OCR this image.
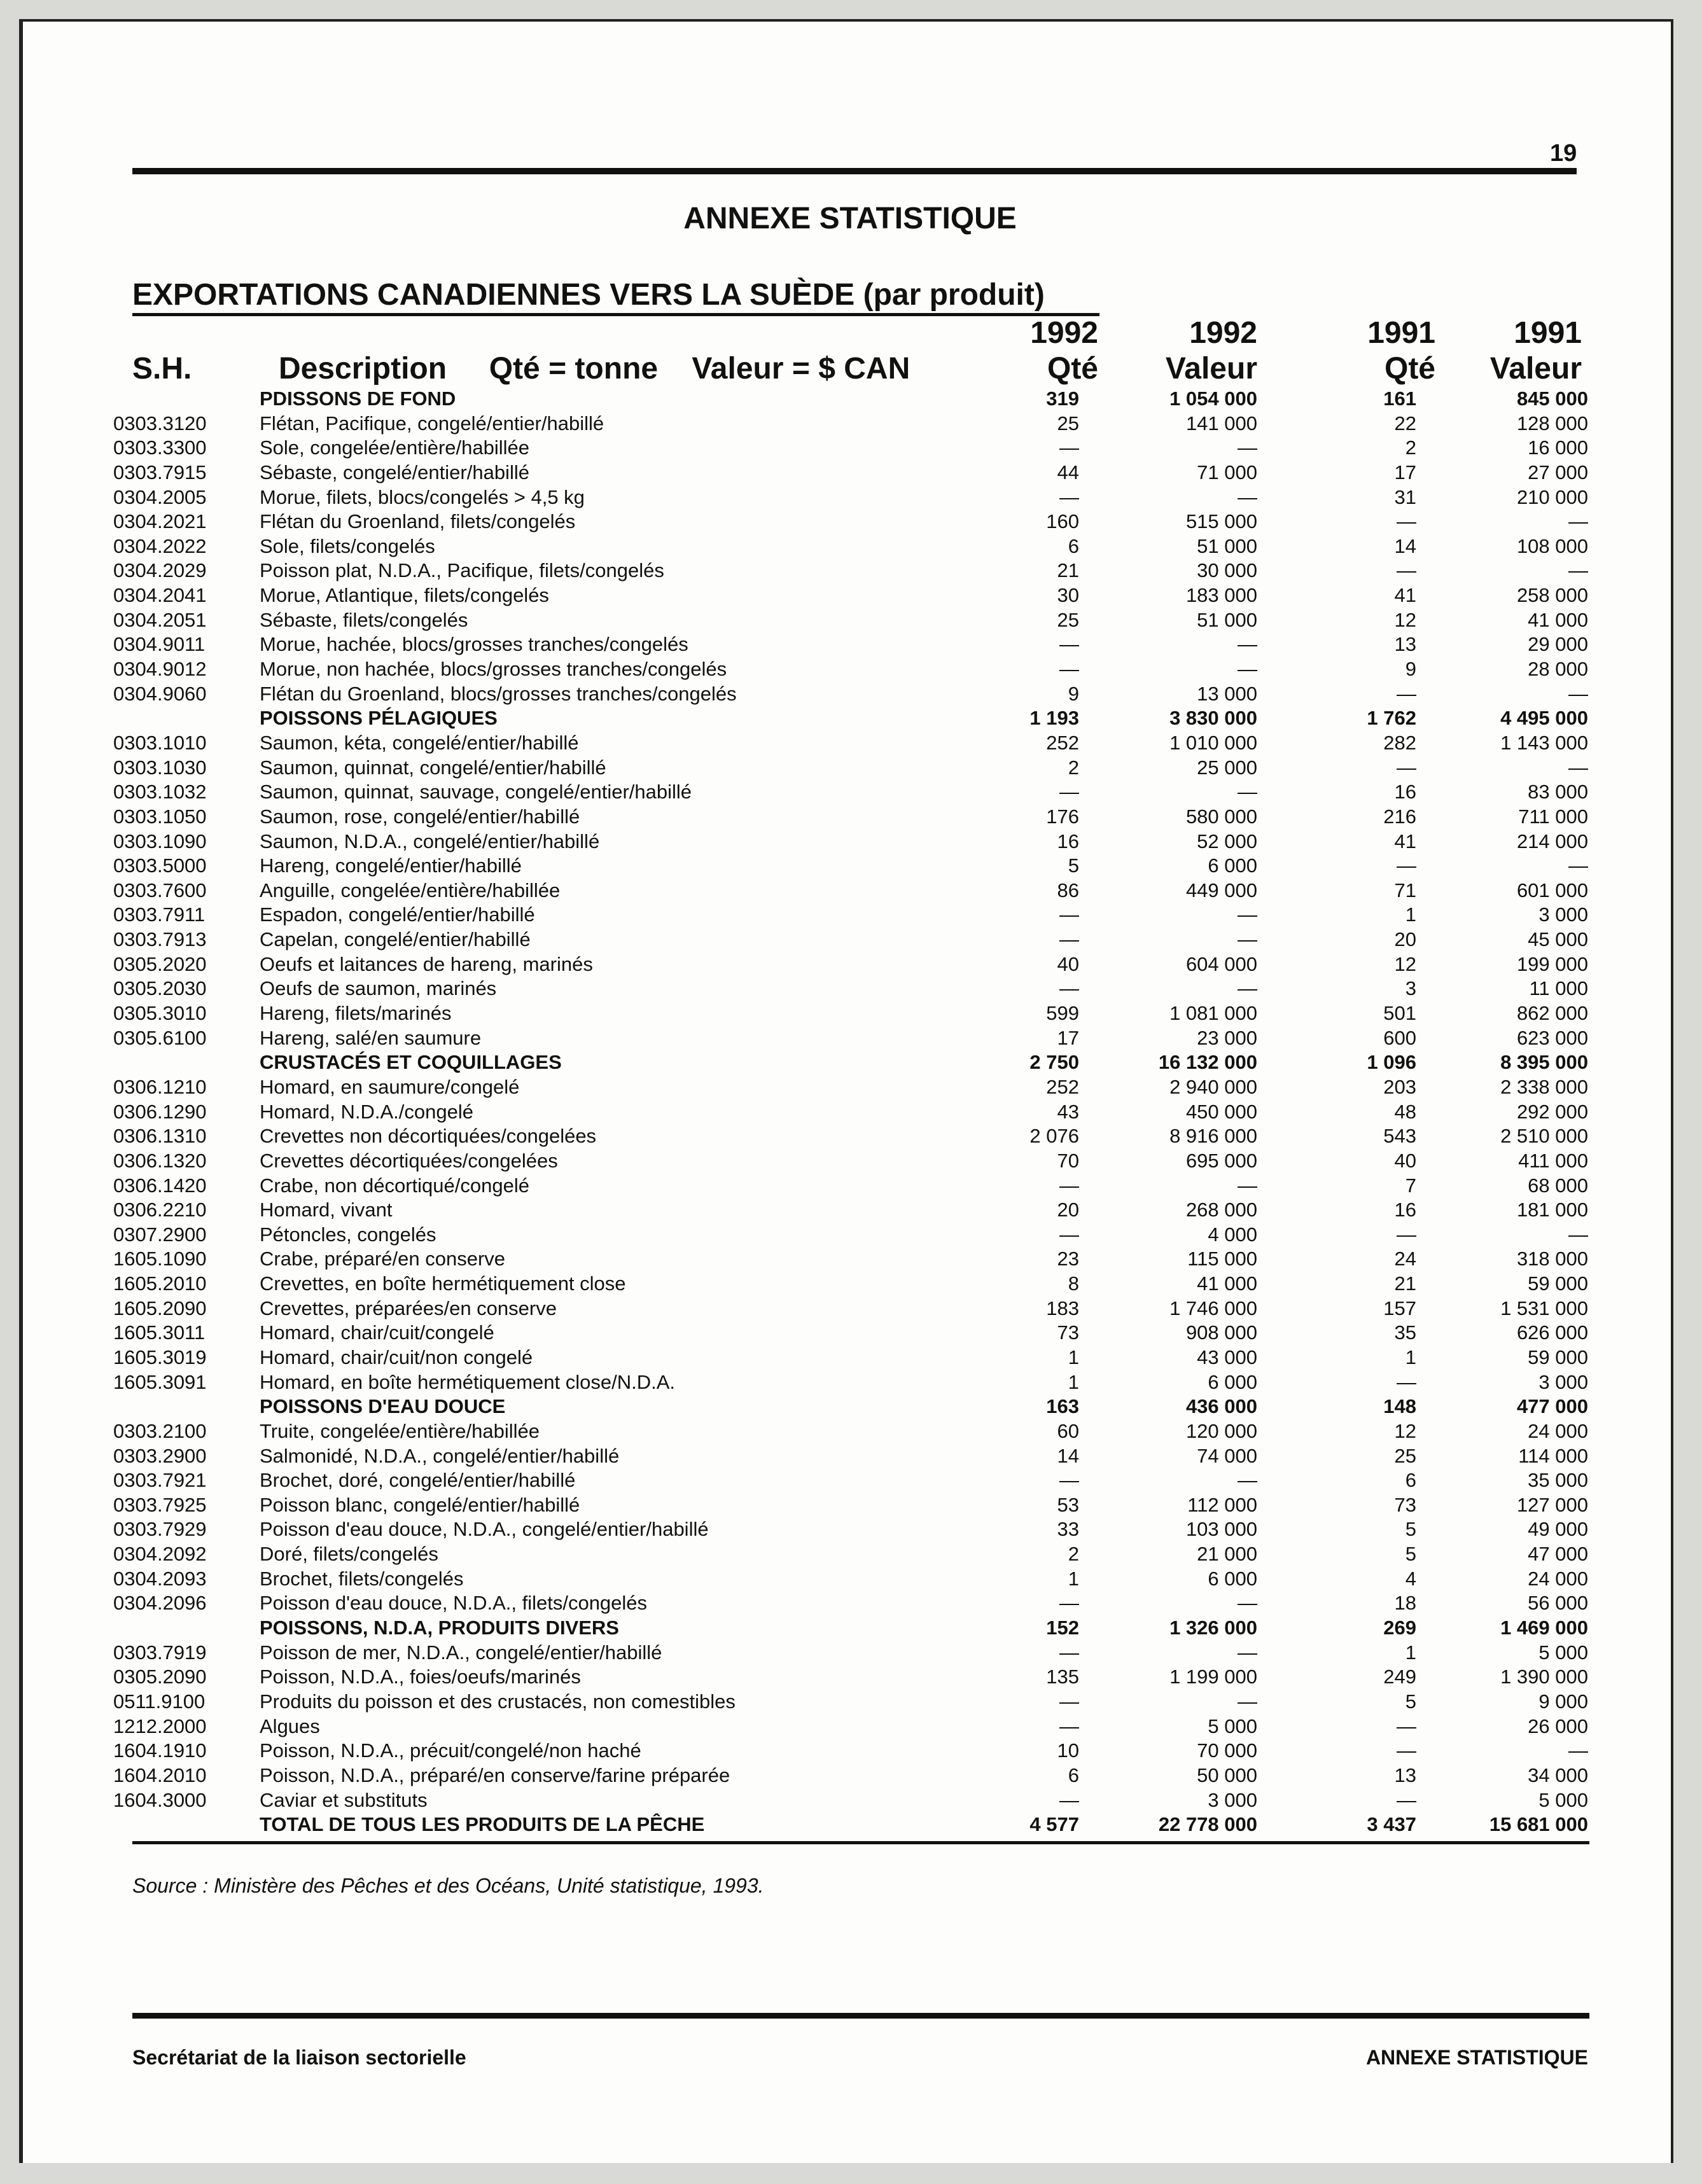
19
ANNEXE STATISTIQUE
EXPORTATIONS CANADIENNES VERS LA SUÈDE (par produit)
1992	1992	1991	1991
S.H.	Description     Qté = tonne    Valeur = $ CAN	Qté	Valeur	Qté	Valeur
PDISSONS DE FOND	319	1 054 000	161	845 000
0303.3120	Flétan, Pacifique, congelé/entier/habillé	25	141 000	22	128 000
0303.3300	Sole, congelée/entière/habillée	—	—	2	16 000
0303.7915	Sébaste, congelé/entier/habillé	44	71 000	17	27 000
0304.2005	Morue, filets, blocs/congelés > 4,5 kg	—	—	31	210 000
0304.2021	Flétan du Groenland, filets/congelés	160	515 000	—	—
0304.2022	Sole, filets/congelés	6	51 000	14	108 000
0304.2029	Poisson plat, N.D.A., Pacifique, filets/congelés	21	30 000	—	—
0304.2041	Morue, Atlantique, filets/congelés	30	183 000	41	258 000
0304.2051	Sébaste, filets/congelés	25	51 000	12	41 000
0304.9011	Morue, hachée, blocs/grosses tranches/congelés	—	—	13	29 000
0304.9012	Morue, non hachée, blocs/grosses tranches/congelés	—	—	9	28 000
0304.9060	Flétan du Groenland, blocs/grosses tranches/congelés	9	13 000	—	—
POISSONS PÉLAGIQUES	1 193	3 830 000	1 762	4 495 000
0303.1010	Saumon, kéta, congelé/entier/habillé	252	1 010 000	282	1 143 000
0303.1030	Saumon, quinnat, congelé/entier/habillé	2	25 000	—	—
0303.1032	Saumon, quinnat, sauvage, congelé/entier/habillé	—	—	16	83 000
0303.1050	Saumon, rose, congelé/entier/habillé	176	580 000	216	711 000
0303.1090	Saumon, N.D.A., congelé/entier/habillé	16	52 000	41	214 000
0303.5000	Hareng, congelé/entier/habillé	5	6 000	—	—
0303.7600	Anguille, congelée/entière/habillée	86	449 000	71	601 000
0303.7911	Espadon, congelé/entier/habillé	—	—	1	3 000
0303.7913	Capelan, congelé/entier/habillé	—	—	20	45 000
0305.2020	Oeufs et laitances de hareng, marinés	40	604 000	12	199 000
0305.2030	Oeufs de saumon, marinés	—	—	3	11 000
0305.3010	Hareng, filets/marinés	599	1 081 000	501	862 000
0305.6100	Hareng, salé/en saumure	17	23 000	600	623 000
CRUSTACÉS ET COQUILLAGES	2 750	16 132 000	1 096	8 395 000
0306.1210	Homard, en saumure/congelé	252	2 940 000	203	2 338 000
0306.1290	Homard, N.D.A./congelé	43	450 000	48	292 000
0306.1310	Crevettes non décortiquées/congelées	2 076	8 916 000	543	2 510 000
0306.1320	Crevettes décortiquées/congelées	70	695 000	40	411 000
0306.1420	Crabe, non décortiqué/congelé	—	—	7	68 000
0306.2210	Homard, vivant	20	268 000	16	181 000
0307.2900	Pétoncles, congelés	—	4 000	—	—
1605.1090	Crabe, préparé/en conserve	23	115 000	24	318 000
1605.2010	Crevettes, en boîte hermétiquement close	8	41 000	21	59 000
1605.2090	Crevettes, préparées/en conserve	183	1 746 000	157	1 531 000
1605.3011	Homard, chair/cuit/congelé	73	908 000	35	626 000
1605.3019	Homard, chair/cuit/non congelé	1	43 000	1	59 000
1605.3091	Homard, en boîte hermétiquement close/N.D.A.	1	6 000	—	3 000
POISSONS D'EAU DOUCE	163	436 000	148	477 000
0303.2100	Truite, congelée/entière/habillée	60	120 000	12	24 000
0303.2900	Salmonidé, N.D.A., congelé/entier/habillé	14	74 000	25	114 000
0303.7921	Brochet, doré, congelé/entier/habillé	—	—	6	35 000
0303.7925	Poisson blanc, congelé/entier/habillé	53	112 000	73	127 000
0303.7929	Poisson d'eau douce, N.D.A., congelé/entier/habillé	33	103 000	5	49 000
0304.2092	Doré, filets/congelés	2	21 000	5	47 000
0304.2093	Brochet, filets/congelés	1	6 000	4	24 000
0304.2096	Poisson d'eau douce, N.D.A., filets/congelés	—	—	18	56 000
POISSONS, N.D.A, PRODUITS DIVERS	152	1 326 000	269	1 469 000
0303.7919	Poisson de mer, N.D.A., congelé/entier/habillé	—	—	1	5 000
0305.2090	Poisson, N.D.A., foies/oeufs/marinés	135	1 199 000	249	1 390 000
0511.9100	Produits du poisson et des crustacés, non comestibles	—	—	5	9 000
1212.2000	Algues	—	5 000	—	26 000
1604.1910	Poisson, N.D.A., précuit/congelé/non haché	10	70 000	—	—
1604.2010	Poisson, N.D.A., préparé/en conserve/farine préparée	6	50 000	13	34 000
1604.3000	Caviar et substituts	—	3 000	—	5 000
TOTAL DE TOUS LES PRODUITS DE LA PÊCHE	4 577	22 778 000	3 437	15 681 000
Source : Ministère des Pêches et des Océans, Unité statistique, 1993.
Secrétariat de la liaison sectorielle	ANNEXE STATISTIQUE
